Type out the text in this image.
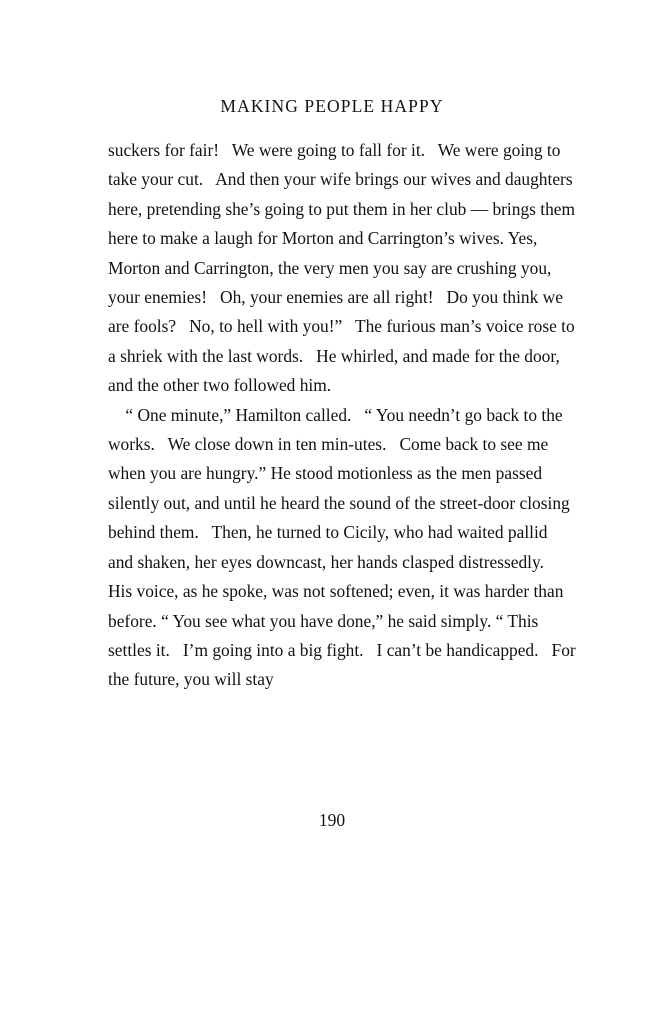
MAKING PEOPLE HAPPY

suckers for fair!   We were going to fall for it.   We were going to take your cut.   And then your wife brings our wives and daughters here, pretending she’s going to put them in her club — brings them here to make a laugh for Morton and Carrington’s wives. Yes, Morton and Carrington, the very men you say are crushing you, your enemies!   Oh, your enemies are all right!   Do you think we are fools?   No, to hell with you!”   The furious man’s voice rose to a shriek with the last words.   He whirled, and made for the door, and the other two followed him.

“ One minute,” Hamilton called.   “ You needn’t go back to the works.   We close down in ten min-utes.   Come back to see me when you are hungry.” He stood motionless as the men passed silently out, and until he heard the sound of the street-door closing behind them.   Then, he turned to Cicily, who had waited pallid and shaken, her eyes downcast, her hands clasped distressedly.   His voice, as he spoke, was not softened; even, it was harder than before. “ You see what you have done,” he said simply. “ This settles it.   I’m going into a big fight.   I can’t be handicapped.   For the future, you will stay

190
